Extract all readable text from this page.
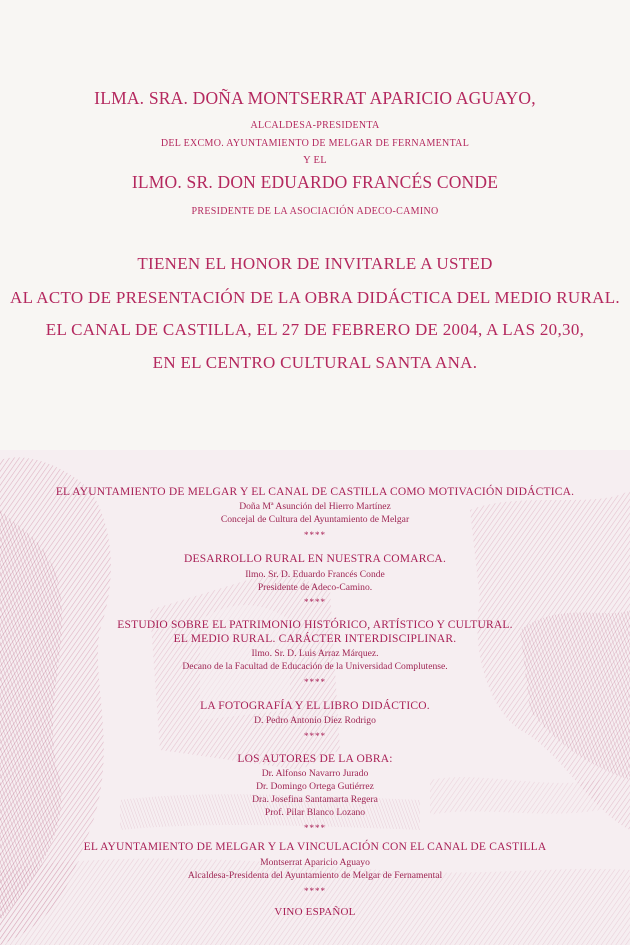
ILMA. SRA. DOÑA MONTSERRAT APARICIO AGUAYO,
ALCALDESA-PRESIDENTA
DEL EXCMO. AYUNTAMIENTO DE MELGAR DE FERNAMENTAL
Y EL
ILMO. SR. DON EDUARDO FRANCÉS CONDE
PRESIDENTE DE LA ASOCIACIÓN ADECO-CAMINO
TIENEN EL HONOR DE INVITARLE A USTED
AL ACTO DE PRESENTACIÓN DE LA OBRA DIDÁCTICA DEL MEDIO RURAL.
EL CANAL DE CASTILLA, EL 27 DE FEBRERO DE 2004, A LAS 20,30,
EN EL CENTRO CULTURAL SANTA ANA.
EL AYUNTAMIENTO DE MELGAR Y EL CANAL DE CASTILLA COMO MOTIVACIÓN DIDÁCTICA.
Doña Mª Asunción del Hierro Martínez
Concejal de Cultura del Ayuntamiento de Melgar
****
DESARROLLO RURAL EN NUESTRA COMARCA.
Ilmo. Sr. D. Eduardo Francés Conde
Presidente de Adeco-Camino.
****
ESTUDIO SOBRE EL PATRIMONIO HISTÓRICO, ARTÍSTICO Y CULTURAL.
EL MEDIO RURAL. CARÁCTER INTERDISCIPLINAR.
Ilmo. Sr. D. Luis Arraz Márquez.
Decano de la Facultad de Educación de la Universidad Complutense.
****
LA FOTOGRAFÍA Y EL LIBRO DIDÁCTICO.
D. Pedro Antonio Díez Rodrigo
****
LOS AUTORES DE LA OBRA:
Dr. Alfonso Navarro Jurado
Dr. Domingo Ortega Gutiérrez
Dra. Josefina Santamarta Regera
Prof. Pilar Blanco Lozano
****
EL AYUNTAMIENTO DE MELGAR Y LA VINCULACIÓN CON EL CANAL DE CASTILLA
Montserrat Aparicio Aguayo
Alcaldesa-Presidenta del Ayuntamiento de Melgar de Fernamental
****
VINO ESPAÑOL
